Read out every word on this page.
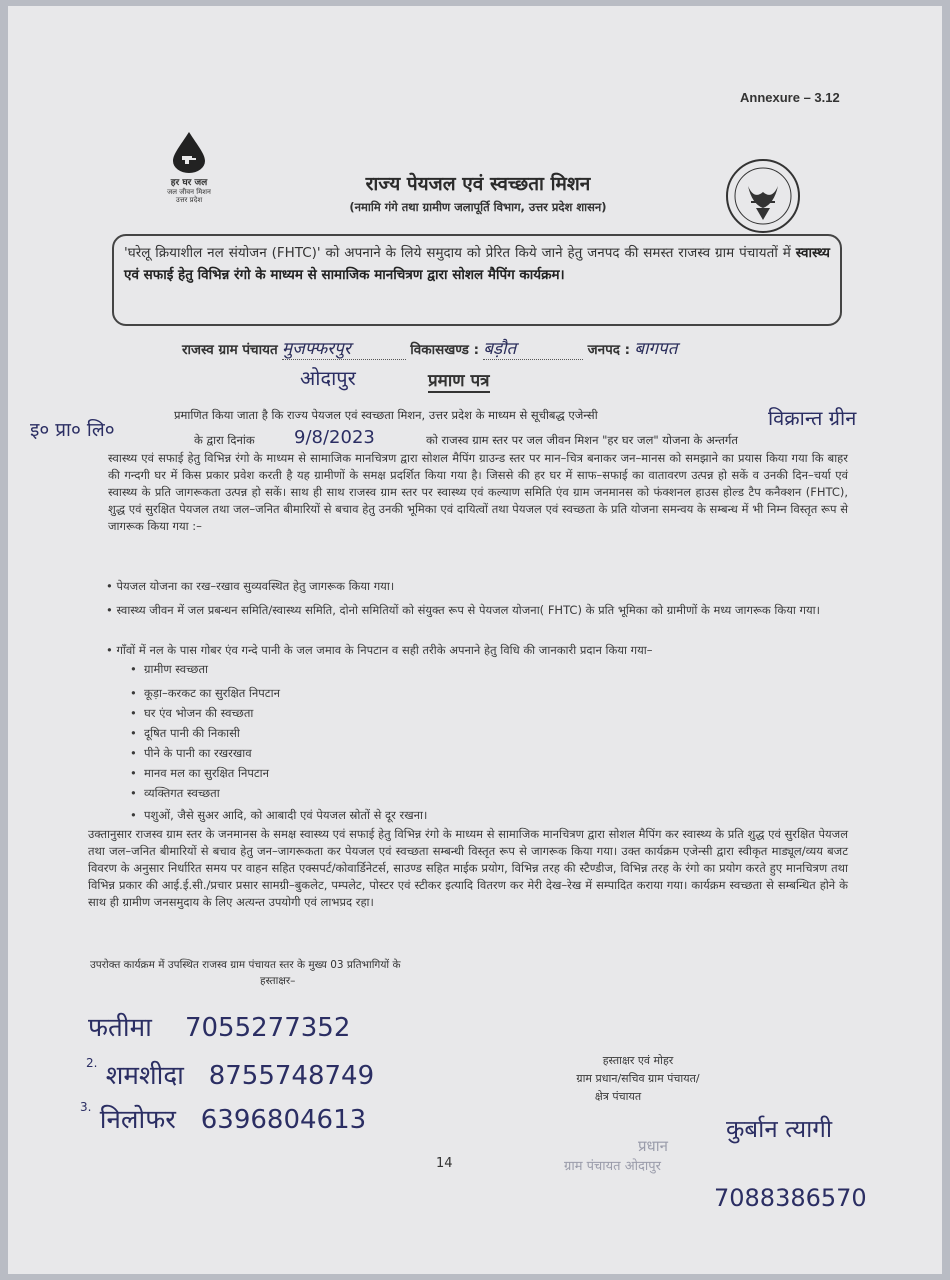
Annexure – 3.12
हर घर जल
जल जीवन मिशन
उत्तर प्रदेश
राज्य पेयजल एवं स्वच्छता मिशन
(नमामि गंगे तथा ग्रामीण जलापूर्ति विभाग, उत्तर प्रदेश शासन)
'घरेलू क्रियाशील नल संयोजन (FHTC)' को अपनाने के लिये समुदाय को प्रेरित किये जाने हेतु जनपद की समस्त राजस्व ग्राम पंचायतों में स्वास्थ्य एवं सफाई हेतु विभिन्न रंगो के माध्यम से सामाजिक मानचित्रण द्वारा सोशल मैपिंग कार्यक्रम।
राजस्व ग्राम पंचायत मुजफ्फरपुर	विकासखण्ड : बड़ौत	जनपद : बागपत
ओदापुर	प्रमाण पत्र
इ० प्रा० लि०
प्रमाणित किया जाता है कि राज्य पेयजल एवं स्वच्छता मिशन, उत्तर प्रदेश के माध्यम से सूचीबद्ध एजेन्सी	विक्रान्त ग्रीन
के द्वारा दिनांक 9/8/2023	को राजस्व ग्राम स्तर पर जल जीवन मिशन "हर घर जल" योजना के अन्तर्गत
स्वास्थ्य एवं सफाई हेतु विभिन्न रंगो के माध्यम से सामाजिक मानचित्रण द्वारा सोशल मैपिंग ग्राउन्ड स्तर पर मान–चित्र बनाकर जन–मानस को समझाने का प्रयास किया गया कि बाहर की गन्दगी घर में किस प्रकार प्रवेश करती है यह ग्रामीणों के समक्ष प्रदर्शित किया गया है। जिससे की हर घर में साफ–सफाई का वातावरण उत्पन्न हो सकें व उनकी दिन–चर्या एवं स्वास्थ्य के प्रति जागरूकता उत्पन्न हो सकें। साथ ही साथ राजस्व ग्राम स्तर पर स्वास्थ्य एवं कल्याण समिति एंव ग्राम जनमानस को फंक्शनल हाउस होल्ड टैप कनैक्शन (FHTC), शुद्ध एवं सुरक्षित पेयजल तथा जल–जनित बीमारियों से बचाव हेतु उनकी भूमिका एवं दायित्वों तथा पेयजल एवं स्वच्छता के प्रति योजना समन्वय के सम्बन्ध में भी निम्न विस्तृत रूप से जागरूक किया गया :–
• पेयजल योजना का रख–रखाव सुव्यवस्थित हेतु जागरूक किया गया।
• स्वास्थ्य जीवन में जल प्रबन्धन समिति/स्वास्थ्य समिति, दोनो समितियों को संयुक्त रूप से पेयजल योजना( FHTC) के प्रति भूमिका को ग्रामीणों के मध्य जागरूक किया गया।
• गाँवों में नल के पास गोबर एंव गन्दे पानी के जल जमाव के निपटान व सही तरीके अपनाने हेतु विधि की जानकारी प्रदान किया गया–
• ग्रामीण स्वच्छता
• कूड़ा–करकट का सुरक्षित निपटान
• घर एंव भोजन की स्वच्छता
• दूषित पानी की निकासी
• पीने के पानी का रखरखाव
• मानव मल का सुरक्षित निपटान
• व्यक्तिगत स्वच्छता
• पशुओं, जैसे सुअर आदि, को आबादी एवं पेयजल स्रोतों से दूर रखना।
उक्तानुसार राजस्व ग्राम स्तर के जनमानस के समक्ष स्वास्थ्य एवं सफाई हेतु विभिन्न रंगो के माध्यम से सामाजिक मानचित्रण द्वारा सोशल मैपिंग कर स्वास्थ्य के प्रति शुद्ध एवं सुरक्षित पेयजल तथा जल–जनित बीमारियों से बचाव हेतु जन–जागरूकता कर पेयजल एवं स्वच्छता सम्बन्धी विस्तृत रूप से जागरूक किया गया। उक्त कार्यक्रम एजेन्सी द्वारा स्वीकृत माड्यूल/व्यय बजट विवरण के अनुसार निर्धारित समय पर वाहन सहित एक्सपर्ट/कोवार्डिनेटर्स, साउण्ड सहित माईक प्रयोग, विभिन्न तरह की स्टैण्डीज, विभिन्न तरह के रंगो का प्रयोग करते हुए मानचित्रण तथा विभिन्न प्रकार की आई.ई.सी./प्रचार प्रसार सामग्री–बुकलेट, पम्पलेट, पोस्टर एवं स्टीकर इत्यादि वितरण कर मेरी देख–रेख में सम्पादित कराया गया। कार्यक्रम स्वच्छता से सम्बन्धित होने के साथ ही ग्रामीण जनसमुदाय के लिए अत्यन्त उपयोगी एवं लाभप्रद रहा।
उपरोक्त कार्यक्रम में उपस्थित राजस्व ग्राम पंचायत स्तर के मुख्य 03 प्रतिभागियों के
हस्ताक्षर–
फतीमा 7055277352
$^{2.}$ शमशीदा 8755748749
$^{3.}$ निलोफर 6396804613
हस्ताक्षर एवं मोहर
ग्राम प्रधान/सचिव ग्राम पंचायत/
क्षेत्र पंचायत
कुर्बान त्यागी
प्रधान
ग्राम पंचायत ओदापुर
7088386570
14
